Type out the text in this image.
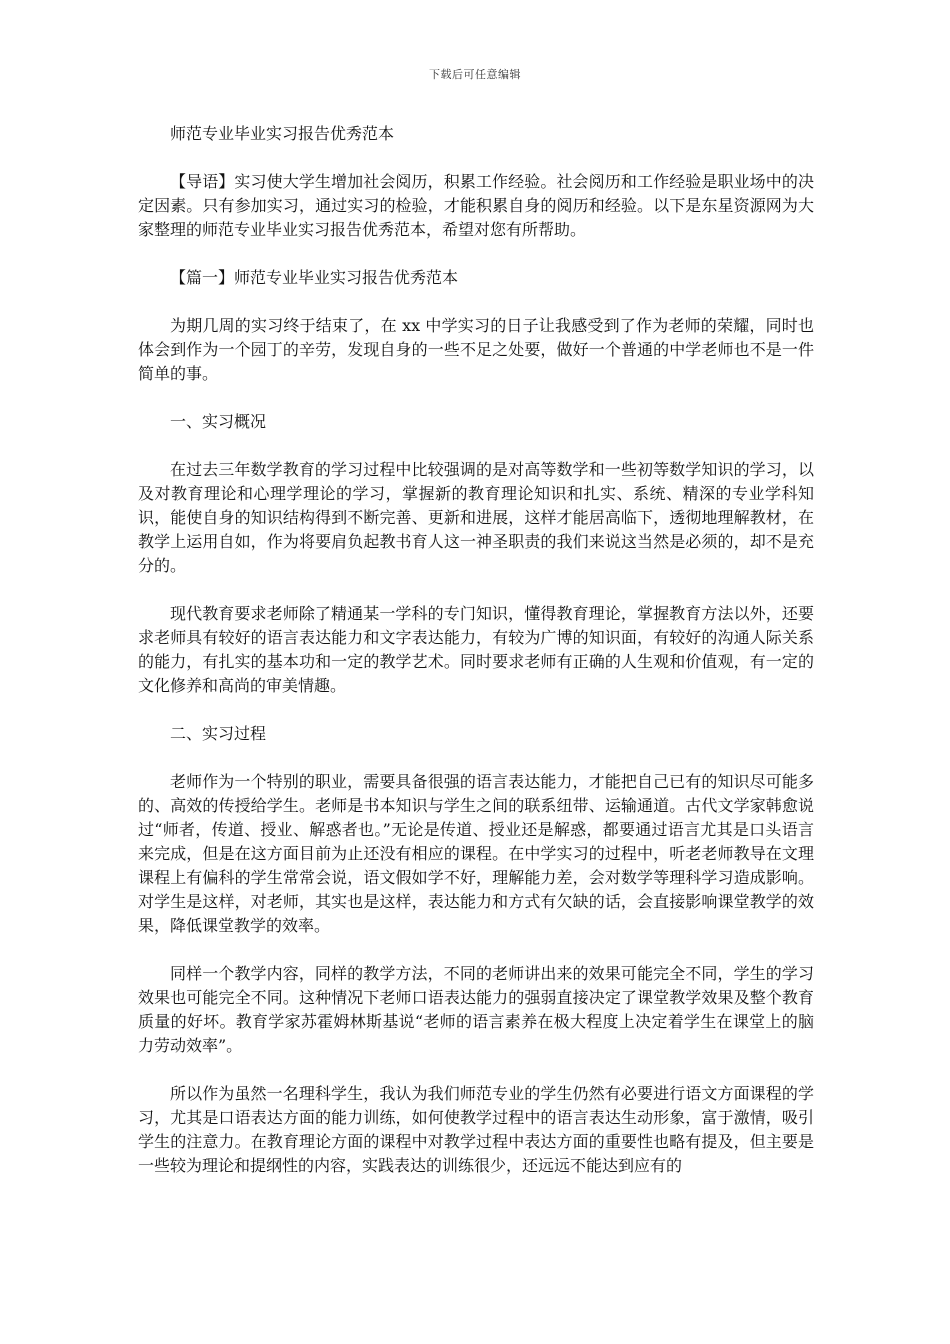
下载后可任意编辑

师范专业毕业实习报告优秀范本

【导语】实习使大学生增加社会阅历，积累工作经验。社会阅历和工作经验是职业场中的决定因素。只有参加实习，通过实习的检验，才能积累自身的阅历和经验。以下是东星资源网为大家整理的师范专业毕业实习报告优秀范本，希望对您有所帮助。

【篇一】师范专业毕业实习报告优秀范本

为期几周的实习终于结束了，在 xx 中学实习的日子让我感受到了作为老师的荣耀，同时也体会到作为一个园丁的辛劳，发现自身的一些不足之处要，做好一个普通的中学老师也不是一件简单的事。

一、实习概况

在过去三年数学教育的学习过程中比较强调的是对高等数学和一些初等数学知识的学习，以及对教育理论和心理学理论的学习，掌握新的教育理论知识和扎实、系统、精深的专业学科知识，能使自身的知识结构得到不断完善、更新和进展，这样才能居高临下，透彻地理解教材，在教学上运用自如，作为将要肩负起教书育人这一神圣职责的我们来说这当然是必须的，却不是充分的。

现代教育要求老师除了精通某一学科的专门知识，懂得教育理论，掌握教育方法以外，还要求老师具有较好的语言表达能力和文字表达能力，有较为广博的知识面，有较好的沟通人际关系的能力，有扎实的基本功和一定的教学艺术。同时要求老师有正确的人生观和价值观，有一定的文化修养和高尚的审美情趣。

二、实习过程

老师作为一个特别的职业，需要具备很强的语言表达能力，才能把自己已有的知识尽可能多的、高效的传授给学生。老师是书本知识与学生之间的联系纽带、运输通道。古代文学家韩愈说过“师者，传道、授业、解惑者也。”无论是传道、授业还是解惑，都要通过语言尤其是口头语言来完成，但是在这方面目前为止还没有相应的课程。在中学实习的过程中，听老老师教导在文理课程上有偏科的学生常常会说，语文假如学不好，理解能力差，会对数学等理科学习造成影响。对学生是这样，对老师，其实也是这样，表达能力和方式有欠缺的话，会直接影响课堂教学的效果，降低课堂教学的效率。

同样一个教学内容，同样的教学方法，不同的老师讲出来的效果可能完全不同，学生的学习效果也可能完全不同。这种情况下老师口语表达能力的强弱直接决定了课堂教学效果及整个教育质量的好坏。教育学家苏霍姆林斯基说“老师的语言素养在极大程度上决定着学生在课堂上的脑力劳动效率”。

所以作为虽然一名理科学生，我认为我们师范专业的学生仍然有必要进行语文方面课程的学习，尤其是口语表达方面的能力训练，如何使教学过程中的语言表达生动形象，富于激情，吸引学生的注意力。在教育理论方面的课程中对教学过程中表达方面的重要性也略有提及，但主要是一些较为理论和提纲性的内容，实践表达的训练很少，还远远不能达到应有的
